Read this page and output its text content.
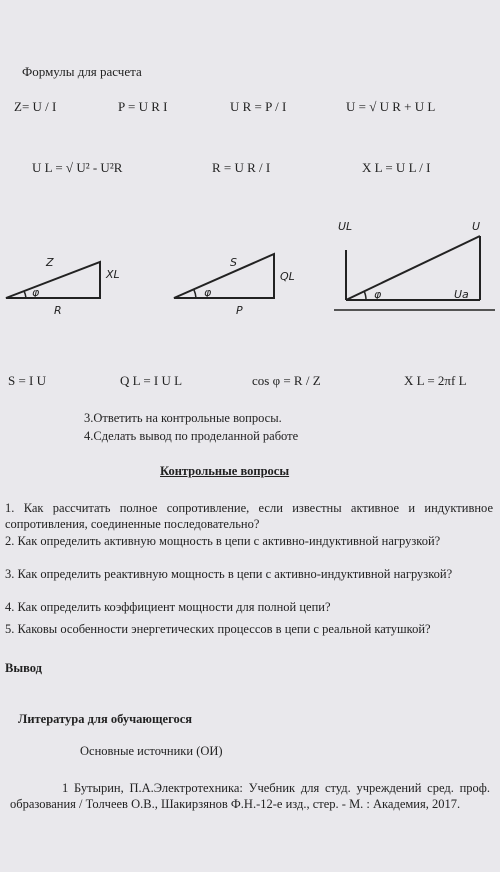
Формулы для расчета
Z= U / I	P = U R I	U R = P / I	U = √ U R + U L
U L = √ U² - U²R	R = U R / I	X L = U L / I
Z
XL
R
φ
S
QL
P
φ
UL	U
φ	Ua
S = I U	Q L = I U L	cos φ = R / Z	X L = 2πf L
3.Ответить на контрольные вопросы.
4.Сделать вывод по проделанной работе
Контрольные вопросы
1. Как рассчитать полное сопротивление, если известны активное и индуктивное сопротивления, соединенные последовательно?
2. Как определить активную мощность в цепи с активно-индуктивной нагрузкой?
3. Как определить реактивную мощность в цепи с активно-индуктивной нагрузкой?
4. Как определить коэффициент мощности для полной цепи?
5. Каковы особенности энергетических процессов в цепи с реальной катушкой?
Вывод
Литература для обучающегося
Основные источники (ОИ)
1 Бутырин, П.А.Электротехника: Учебник для студ. учреждений сред. проф. образования / Толчеев О.В., Шакирзянов Ф.Н.-12-е изд., стер. - М. : Академия, 2017.
